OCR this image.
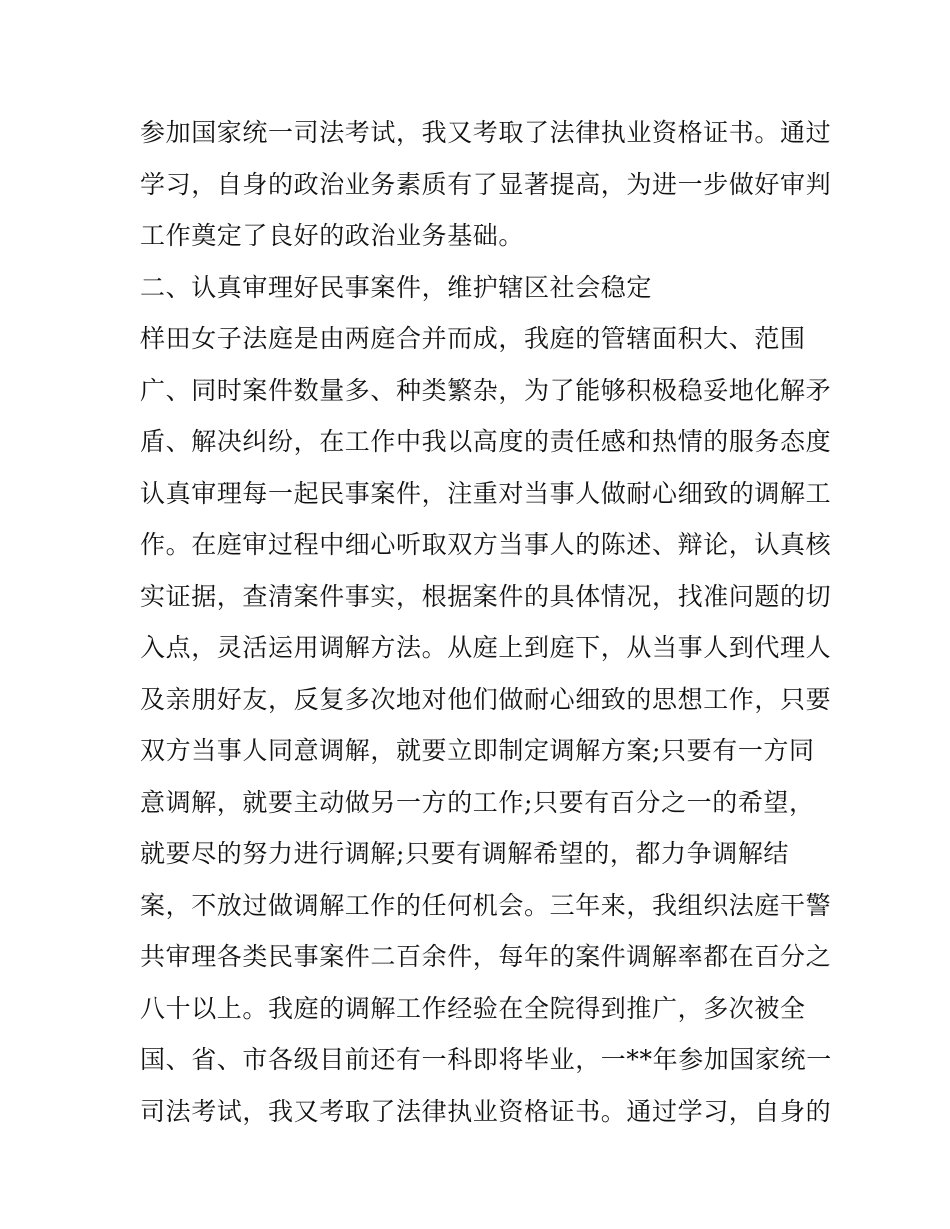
参加国家统一司法考试，我又考取了法律执业资格证书。通过
学习，自身的政治业务素质有了显著提高，为进一步做好审判
工作奠定了良好的政治业务基础。
二、认真审理好民事案件，维护辖区社会稳定
样田女子法庭是由两庭合并而成，我庭的管辖面积大、范围
广、同时案件数量多、种类繁杂，为了能够积极稳妥地化解矛
盾、解决纠纷，在工作中我以高度的责任感和热情的服务态度
认真审理每一起民事案件，注重对当事人做耐心细致的调解工
作。在庭审过程中细心听取双方当事人的陈述、辩论，认真核
实证据，查清案件事实，根据案件的具体情况，找准问题的切
入点，灵活运用调解方法。从庭上到庭下，从当事人到代理人
及亲朋好友，反复多次地对他们做耐心细致的思想工作，只要
双方当事人同意调解，就要立即制定调解方案;只要有一方同
意调解，就要主动做另一方的工作;只要有百分之一的希望，
就要尽的努力进行调解;只要有调解希望的，都力争调解结
案，不放过做调解工作的任何机会。三年来，我组织法庭干警
共审理各类民事案件二百余件，每年的案件调解率都在百分之
八十以上。我庭的调解工作经验在全院得到推广，多次被全
国、省、市各级目前还有一科即将毕业，一**年参加国家统一
司法考试，我又考取了法律执业资格证书。通过学习，自身的
